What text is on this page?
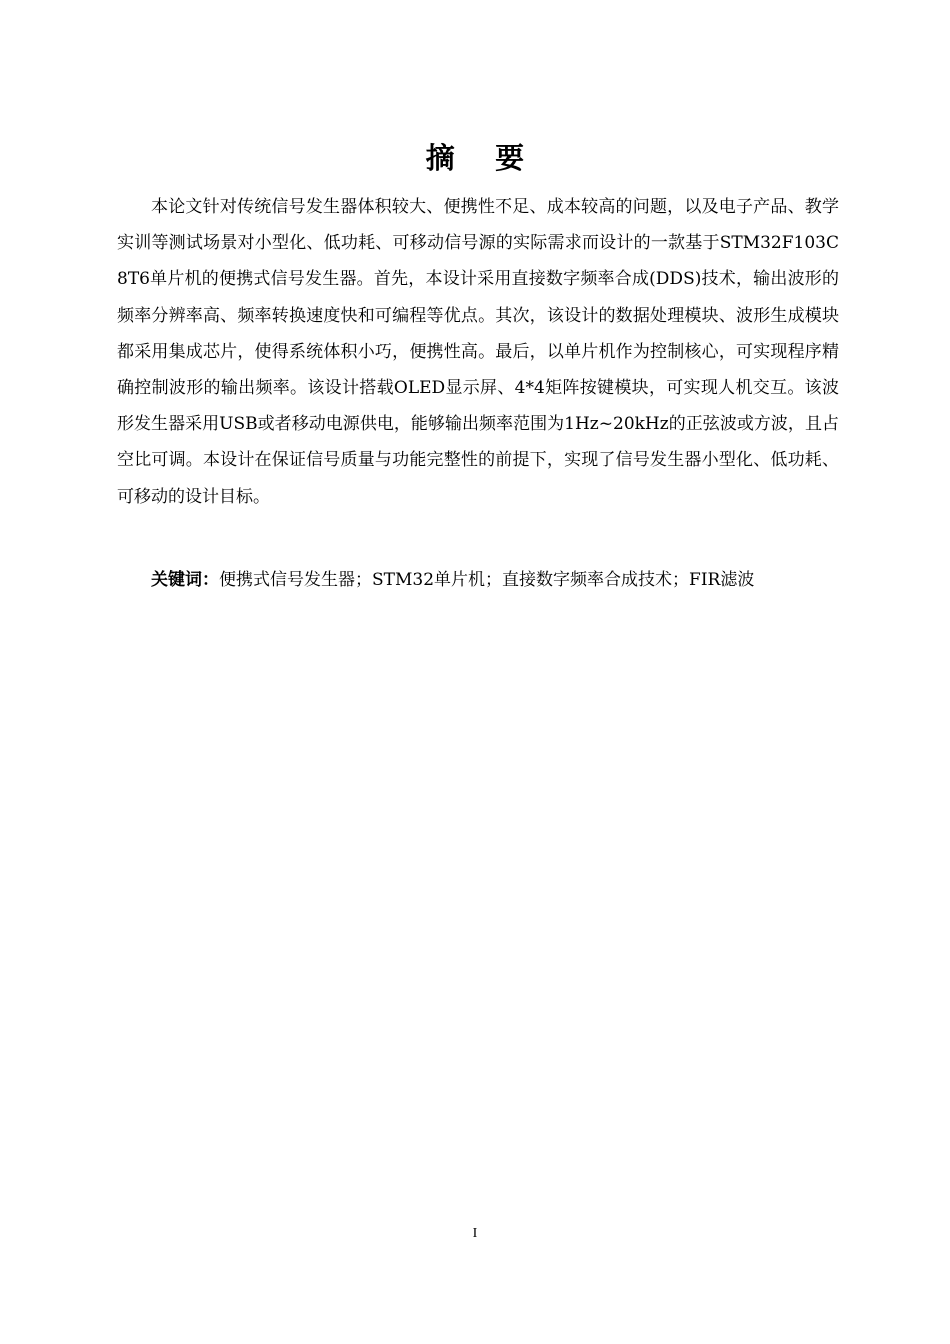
摘    要

本论文针对传统信号发生器体积较大、便携性不足、成本较高的问题，以及电子产品、教学实训等测试场景对小型化、低功耗、可移动信号源的实际需求而设计的一款基于STM32F103C8T6单片机的便携式信号发生器。首先，本设计采用直接数字频率合成(DDS)技术，输出波形的频率分辨率高、频率转换速度快和可编程等优点。其次，该设计的数据处理模块、波形生成模块都采用集成芯片，使得系统体积小巧，便携性高。最后，以单片机作为控制核心，可实现程序精确控制波形的输出频率。该设计搭载OLED显示屏、4*4矩阵按键模块，可实现人机交互。该波形发生器采用USB或者移动电源供电，能够输出频率范围为1Hz~20kHz的正弦波或方波，且占空比可调。本设计在保证信号质量与功能完整性的前提下，实现了信号发生器小型化、低功耗、可移动的设计目标。

关键词：便携式信号发生器；STM32单片机；直接数字频率合成技术；FIR滤波

I
